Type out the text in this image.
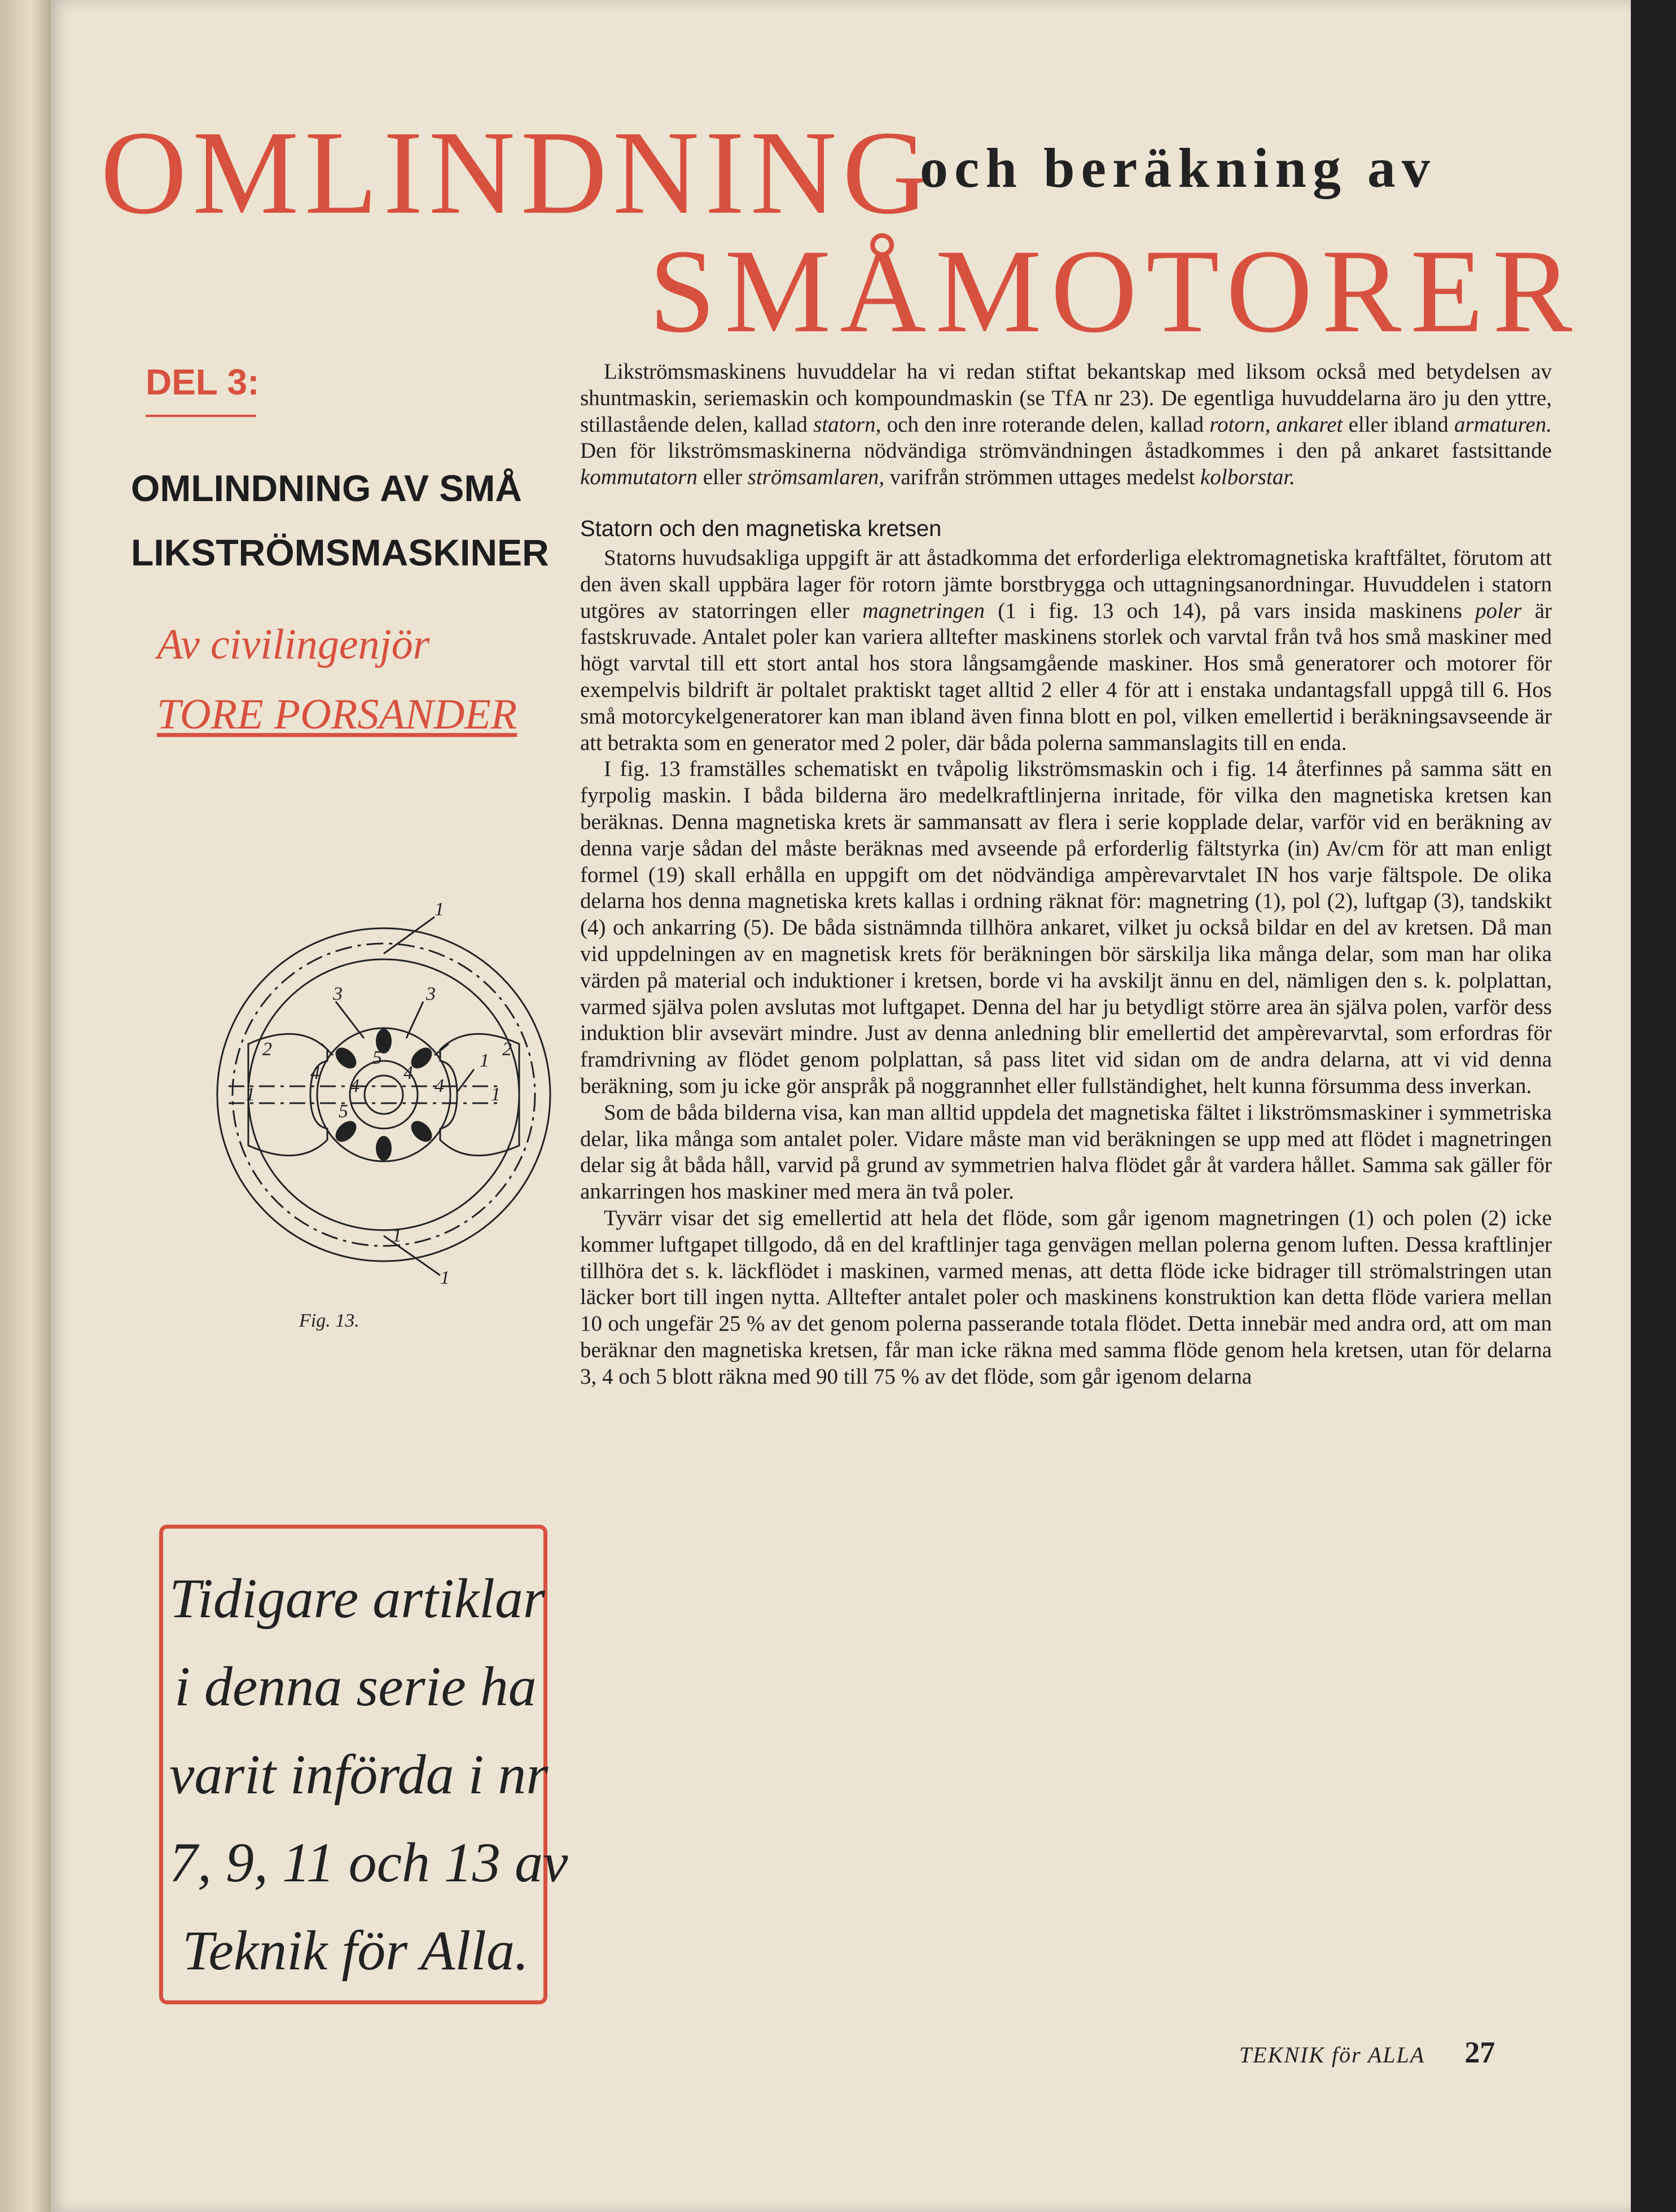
OMLINDNING
och beräkning av
SMÅMOTORER
DEL 3:
OMLINDNING AV SMÅ
LIKSTRÖMSMASKINER
Av civilingenjör
TORE PORSANDER
1
1
1
1
2	2
3	3
4
4
4
4
5
5
1	1
Fig. 13.
Tidigare artiklar
i denna serie ha
varit införda i nr
7, 9, 11 och 13 av
Teknik för Alla.

Likströmsmaskinens huvuddelar ha vi redan stiftat bekantskap med liksom också med betydelsen av shuntmaskin, seriemaskin och kompoundmaskin (se TfA nr 23). De egentliga huvuddelarna äro ju den yttre, stillastående delen, kallad statorn, och den inre roterande delen, kallad rotorn, ankaret eller ibland armaturen. Den för likströmsmaskinerna nödvändiga strömvändningen åstadkommes i den på ankaret fastsittande kommutatorn eller strömsamlaren, varifrån strömmen uttages medelst kolborstar.

Statorn och den magnetiska kretsen

Statorns huvudsakliga uppgift är att åstadkomma det erforderliga elektromagnetiska kraftfältet, förutom att den även skall uppbära lager för rotorn jämte borstbrygga och uttagningsanordningar. Huvuddelen i statorn utgöres av statorringen eller magnetringen (1 i fig. 13 och 14), på vars insida maskinens poler är fastskruvade. Antalet poler kan variera alltefter maskinens storlek och varvtal från två hos små maskiner med högt varvtal till ett stort antal hos stora långsamgående maskiner. Hos små generatorer och motorer för exempelvis bildrift är poltalet praktiskt taget alltid 2 eller 4 för att i enstaka undantagsfall uppgå till 6. Hos små motorcykelgeneratorer kan man ibland även finna blott en pol, vilken emellertid i beräkningsavseende är att betrakta som en generator med 2 poler, där båda polerna sammanslagits till en enda.

I fig. 13 framställes schematiskt en tvåpolig likströmsmaskin och i fig. 14 återfinnes på samma sätt en fyrpolig maskin. I båda bilderna äro medelkraftlinjerna inritade, för vilka den magnetiska kretsen kan beräknas. Denna magnetiska krets är sammansatt av flera i serie kopplade delar, varför vid en beräkning av denna varje sådan del måste beräknas med avseende på erforderlig fältstyrka (in) Av/cm för att man enligt formel (19) skall erhålla en uppgift om det nödvändiga ampèrevarvtalet IN hos varje fältspole. De olika delarna hos denna magnetiska krets kallas i ordning räknat för: magnetring (1), pol (2), luftgap (3), tandskikt (4) och ankarring (5). De båda sistnämnda tillhöra ankaret, vilket ju också bildar en del av kretsen. Då man vid uppdelningen av en magnetisk krets för beräkningen bör särskilja lika många delar, som man har olika värden på material och induktioner i kretsen, borde vi ha avskiljt ännu en del, nämligen den s. k. polplattan, varmed själva polen avslutas mot luftgapet. Denna del har ju betydligt större area än själva polen, varför dess induktion blir avsevärt mindre. Just av denna anledning blir emellertid det ampèrevarvtal, som erfordras för framdrivning av flödet genom polplattan, så pass litet vid sidan om de andra delarna, att vi vid denna beräkning, som ju icke gör anspråk på noggrannhet eller fullständighet, helt kunna försumma dess inverkan.

Som de båda bilderna visa, kan man alltid uppdela det magnetiska fältet i likströmsmaskiner i symmetriska delar, lika många som antalet poler. Vidare måste man vid beräkningen se upp med att flödet i magnetringen delar sig åt båda håll, varvid på grund av symmetrien halva flödet går åt vardera hållet. Samma sak gäller för ankarringen hos maskiner med mera än två poler.

Tyvärr visar det sig emellertid att hela det flöde, som går igenom magnetringen (1) och polen (2) icke kommer luftgapet tillgodo, då en del kraftlinjer taga genvägen mellan polerna genom luften. Dessa kraftlinjer tillhöra det s. k. läckflödet i maskinen, varmed menas, att detta flöde icke bidrager till strömalstringen utan läcker bort till ingen nytta. Alltefter antalet poler och maskinens konstruktion kan detta flöde variera mellan 10 och ungefär 25 % av det genom polerna passerande totala flödet. Detta innebär med andra ord, att om man beräknar den magnetiska kretsen, får man icke räkna med samma flöde genom hela kretsen, utan för delarna 3, 4 och 5 blott räkna med 90 till 75 % av det flöde, som går igenom delarna

TEKNIK för ALLA 27
